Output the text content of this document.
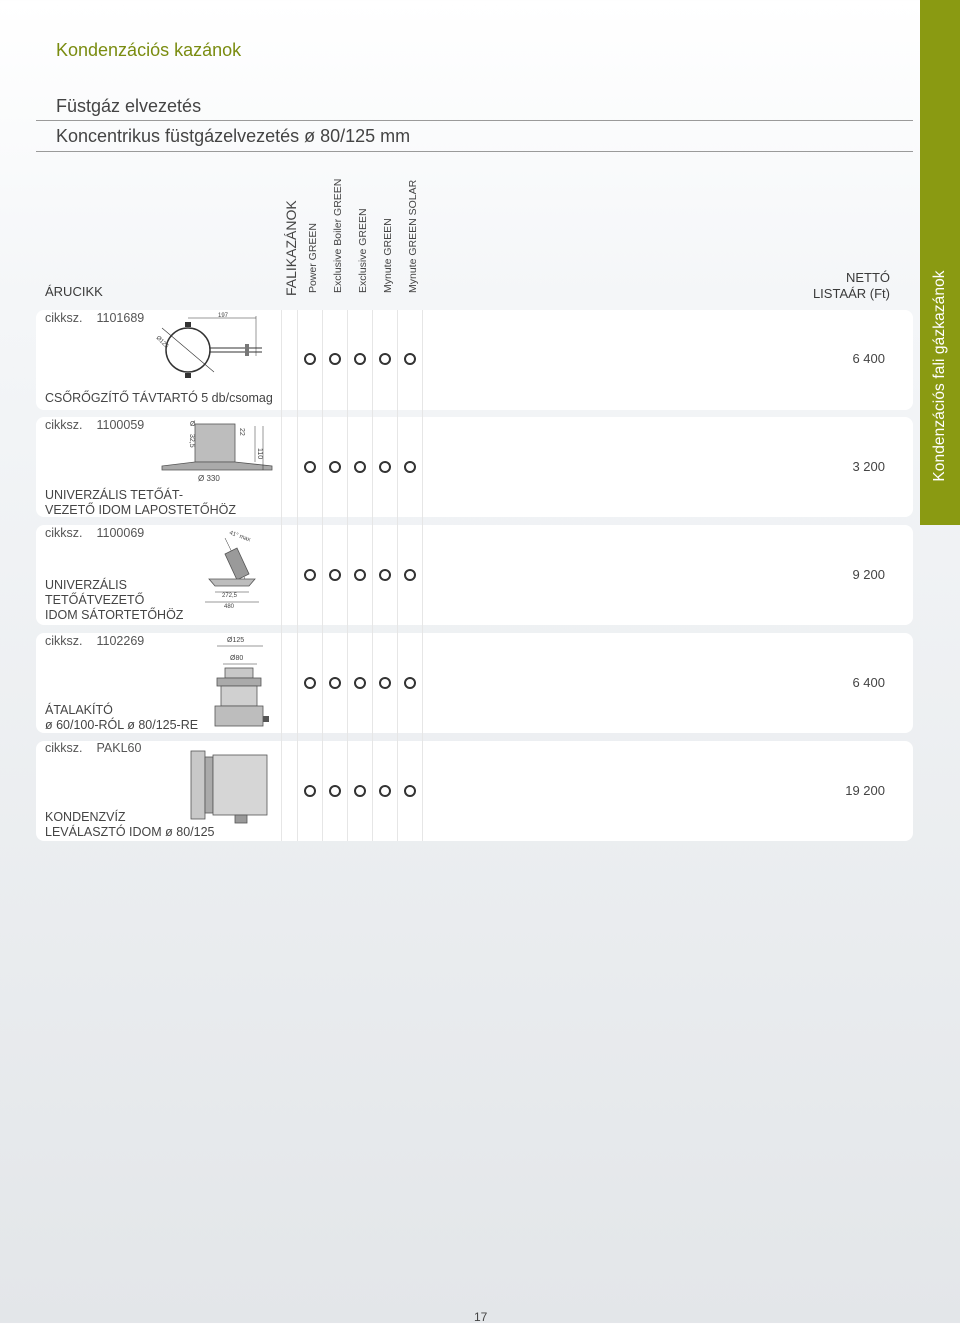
Kondenzációs kazánok
Füstgáz elvezetés
Koncentrikus füstgázelvezetés ø 80/125 mm
Kondenzációs fali gázkazánok
ÁRUCIKK	FALIKAZÁNOK Power GREEN Exclusive Boiler GREEN Exclusive GREEN Mynute GREEN Mynute GREEN SOLAR	NETTÓ
LISTAÁR (Ft)
cikksz. 1101689
CSŐRŐGZÍTŐ TÁVTARTÓ 5 db/csomag
197
Ø125
6 400
cikksz. 1100059
UNIVERZÁLIS TETŐÁT-
VEZETŐ IDOM LAPOSTETŐHÖZ
Ø
32,5
22
110
Ø 330
3 200
cikksz. 1100069
UNIVERZÁLIS
TETŐÁTVEZETŐ
IDOM SÁTORTETŐHÖZ
41° max
272,5
480
9 200
cikksz. 1102269
ÁTALAKÍTÓ
ø 60/100-RÓL ø 80/125-RE
Ø125
Ø80
6 400
cikksz. PAKL60
KONDENZVÍZ
LEVÁLASZTÓ IDOM ø 80/125
19 200
17
